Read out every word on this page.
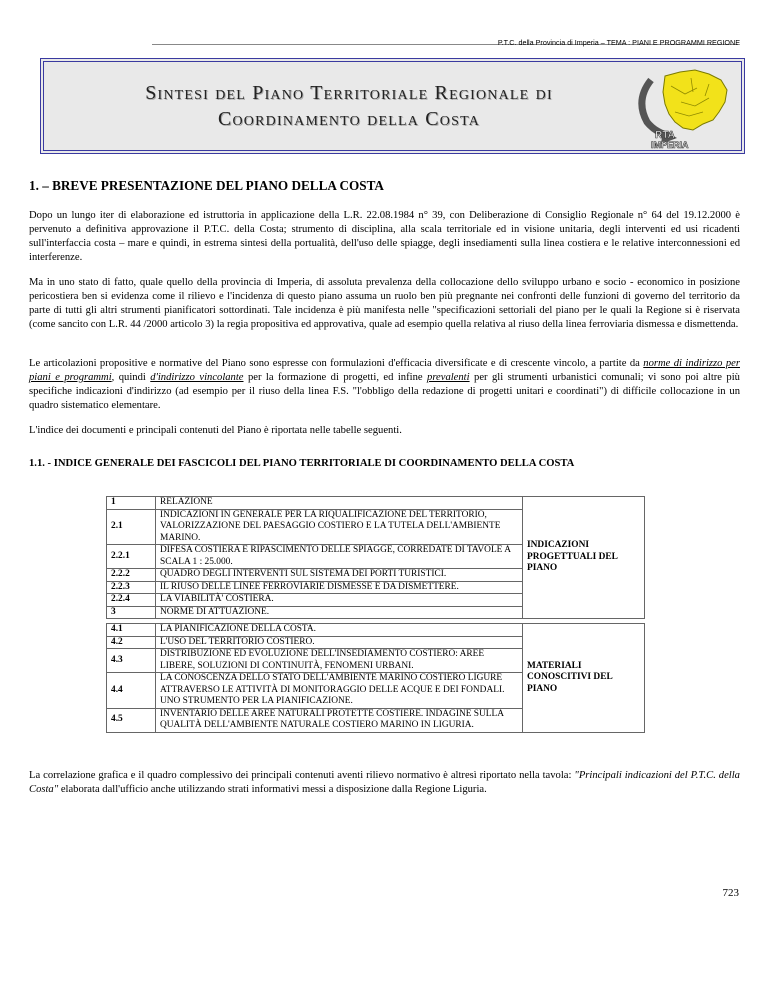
P.T.C. della Provincia di Imperia – TEMA : PIANI E PROGRAMMI REGIONE
Sintesi del Piano Territoriale Regionale di
Coordinamento della Costa
RTA
IMPERIA
1. – BREVE PRESENTAZIONE DEL PIANO DELLA COSTA
Dopo un lungo iter di elaborazione ed istruttoria in applicazione della L.R. 22.08.1984 n° 39, con Deliberazione di Consiglio Regionale n° 64 del 19.12.2000 è pervenuto a definitiva approvazione il P.T.C. della Costa; strumento di disciplina, alla scala territoriale ed in visione unitaria, degli interventi ed usi ricadenti sull'interfaccia costa – mare e quindi, in estrema sintesi della portualità, dell'uso delle spiagge, degli insediamenti sulla linea costiera e le relative interconnessioni ed interferenze.
Ma in uno stato di fatto, quale quello della provincia di Imperia, di assoluta prevalenza della collocazione dello sviluppo urbano e socio - economico in posizione pericostiera ben si evidenza come il rilievo e l'incidenza di questo piano assuma un ruolo ben più pregnante nei confronti delle funzioni di governo del territorio da parte di tutti gli altri strumenti pianificatori sottordinati. Tale incidenza è più manifesta nelle "specificazioni settoriali del piano per le quali la Regione si è riservata (come sancito con L.R. 44 /2000 articolo 3) la regia propositiva ed approvativa, quale ad esempio quella relativa al riuso della linea ferroviaria dismessa e dismettenda.
Le articolazioni propositive e normative del Piano sono espresse con formulazioni d'efficacia diversificate e di crescente vincolo, a partite da norme di indirizzo per piani e programmi, quindi d'indirizzo vincolante per la formazione di progetti, ed infine prevalenti per gli strumenti urbanistici comunali; vi sono poi altre più specifiche indicazioni d'indirizzo (ad esempio per il riuso della linea F.S. "l'obbligo della redazione di progetti unitari e coordinati") di difficile collocazione in un quadro sistematico elementare.
L'indice dei documenti e principali contenuti del Piano è riportata nelle tabelle seguenti.
1.1. - INDICE GENERALE DEI FASCICOLI DEL PIANO TERRITORIALE DI COORDINAMENTO DELLA COSTA
1	RELAZIONE	INDICAZIONI PROGETTUALI DEL PIANO
2.1	INDICAZIONI IN GENERALE PER LA RIQUALIFICAZIONE DEL TERRITORIO, VALORIZZAZIONE DEL PAESAGGIO COSTIERO E LA TUTELA DELL'AMBIENTE MARINO.	
2.2.1	DIFESA COSTIERA E RIPASCIMENTO DELLE SPIAGGE, CORREDATE DI TAVOLE A SCALA 1 : 25.000.	
2.2.2	QUADRO DEGLI INTERVENTI SUL SISTEMA DEI PORTI TURISTICI.	
2.2.3	IL RIUSO DELLE LINEE FERROVIARIE DISMESSE E DA DISMETTERE.	
2.2.4	LA VIABILITÀ' COSTIERA.	
3	NORME DI ATTUAZIONE.	
4.1	LA PIANIFICAZIONE DELLA COSTA.	MATERIALI CONOSCITIVI DEL PIANO
4.2	L'USO DEL TERRITORIO COSTIERO.	
4.3	DISTRIBUZIONE ED EVOLUZIONE DELL'INSEDIAMENTO COSTIERO: AREE LIBERE, SOLUZIONI DI CONTINUITÀ, FENOMENI URBANI.	
4.4	LA CONOSCENZA DELLO STATO DELL'AMBIENTE MARINO COSTIERO LIGURE ATTRAVERSO LE ATTIVITÀ DI MONITORAGGIO DELLE ACQUE E DEI FONDALI. UNO STRUMENTO PER LA PIANIFICAZIONE.	
4.5	INVENTARIO DELLE AREE NATURALI PROTETTE COSTIERE. INDAGINE SULLA QUALITÀ DELL'AMBIENTE NATURALE COSTIERO MARINO IN LIGURIA.	
La correlazione grafica e il quadro complessivo dei principali contenuti aventi rilievo normativo è altresì riportato nella tavola: "Principali indicazioni del P.T.C. della Costa" elaborata dall'ufficio anche utilizzando strati informativi messi a disposizione dalla Regione Liguria.
723
